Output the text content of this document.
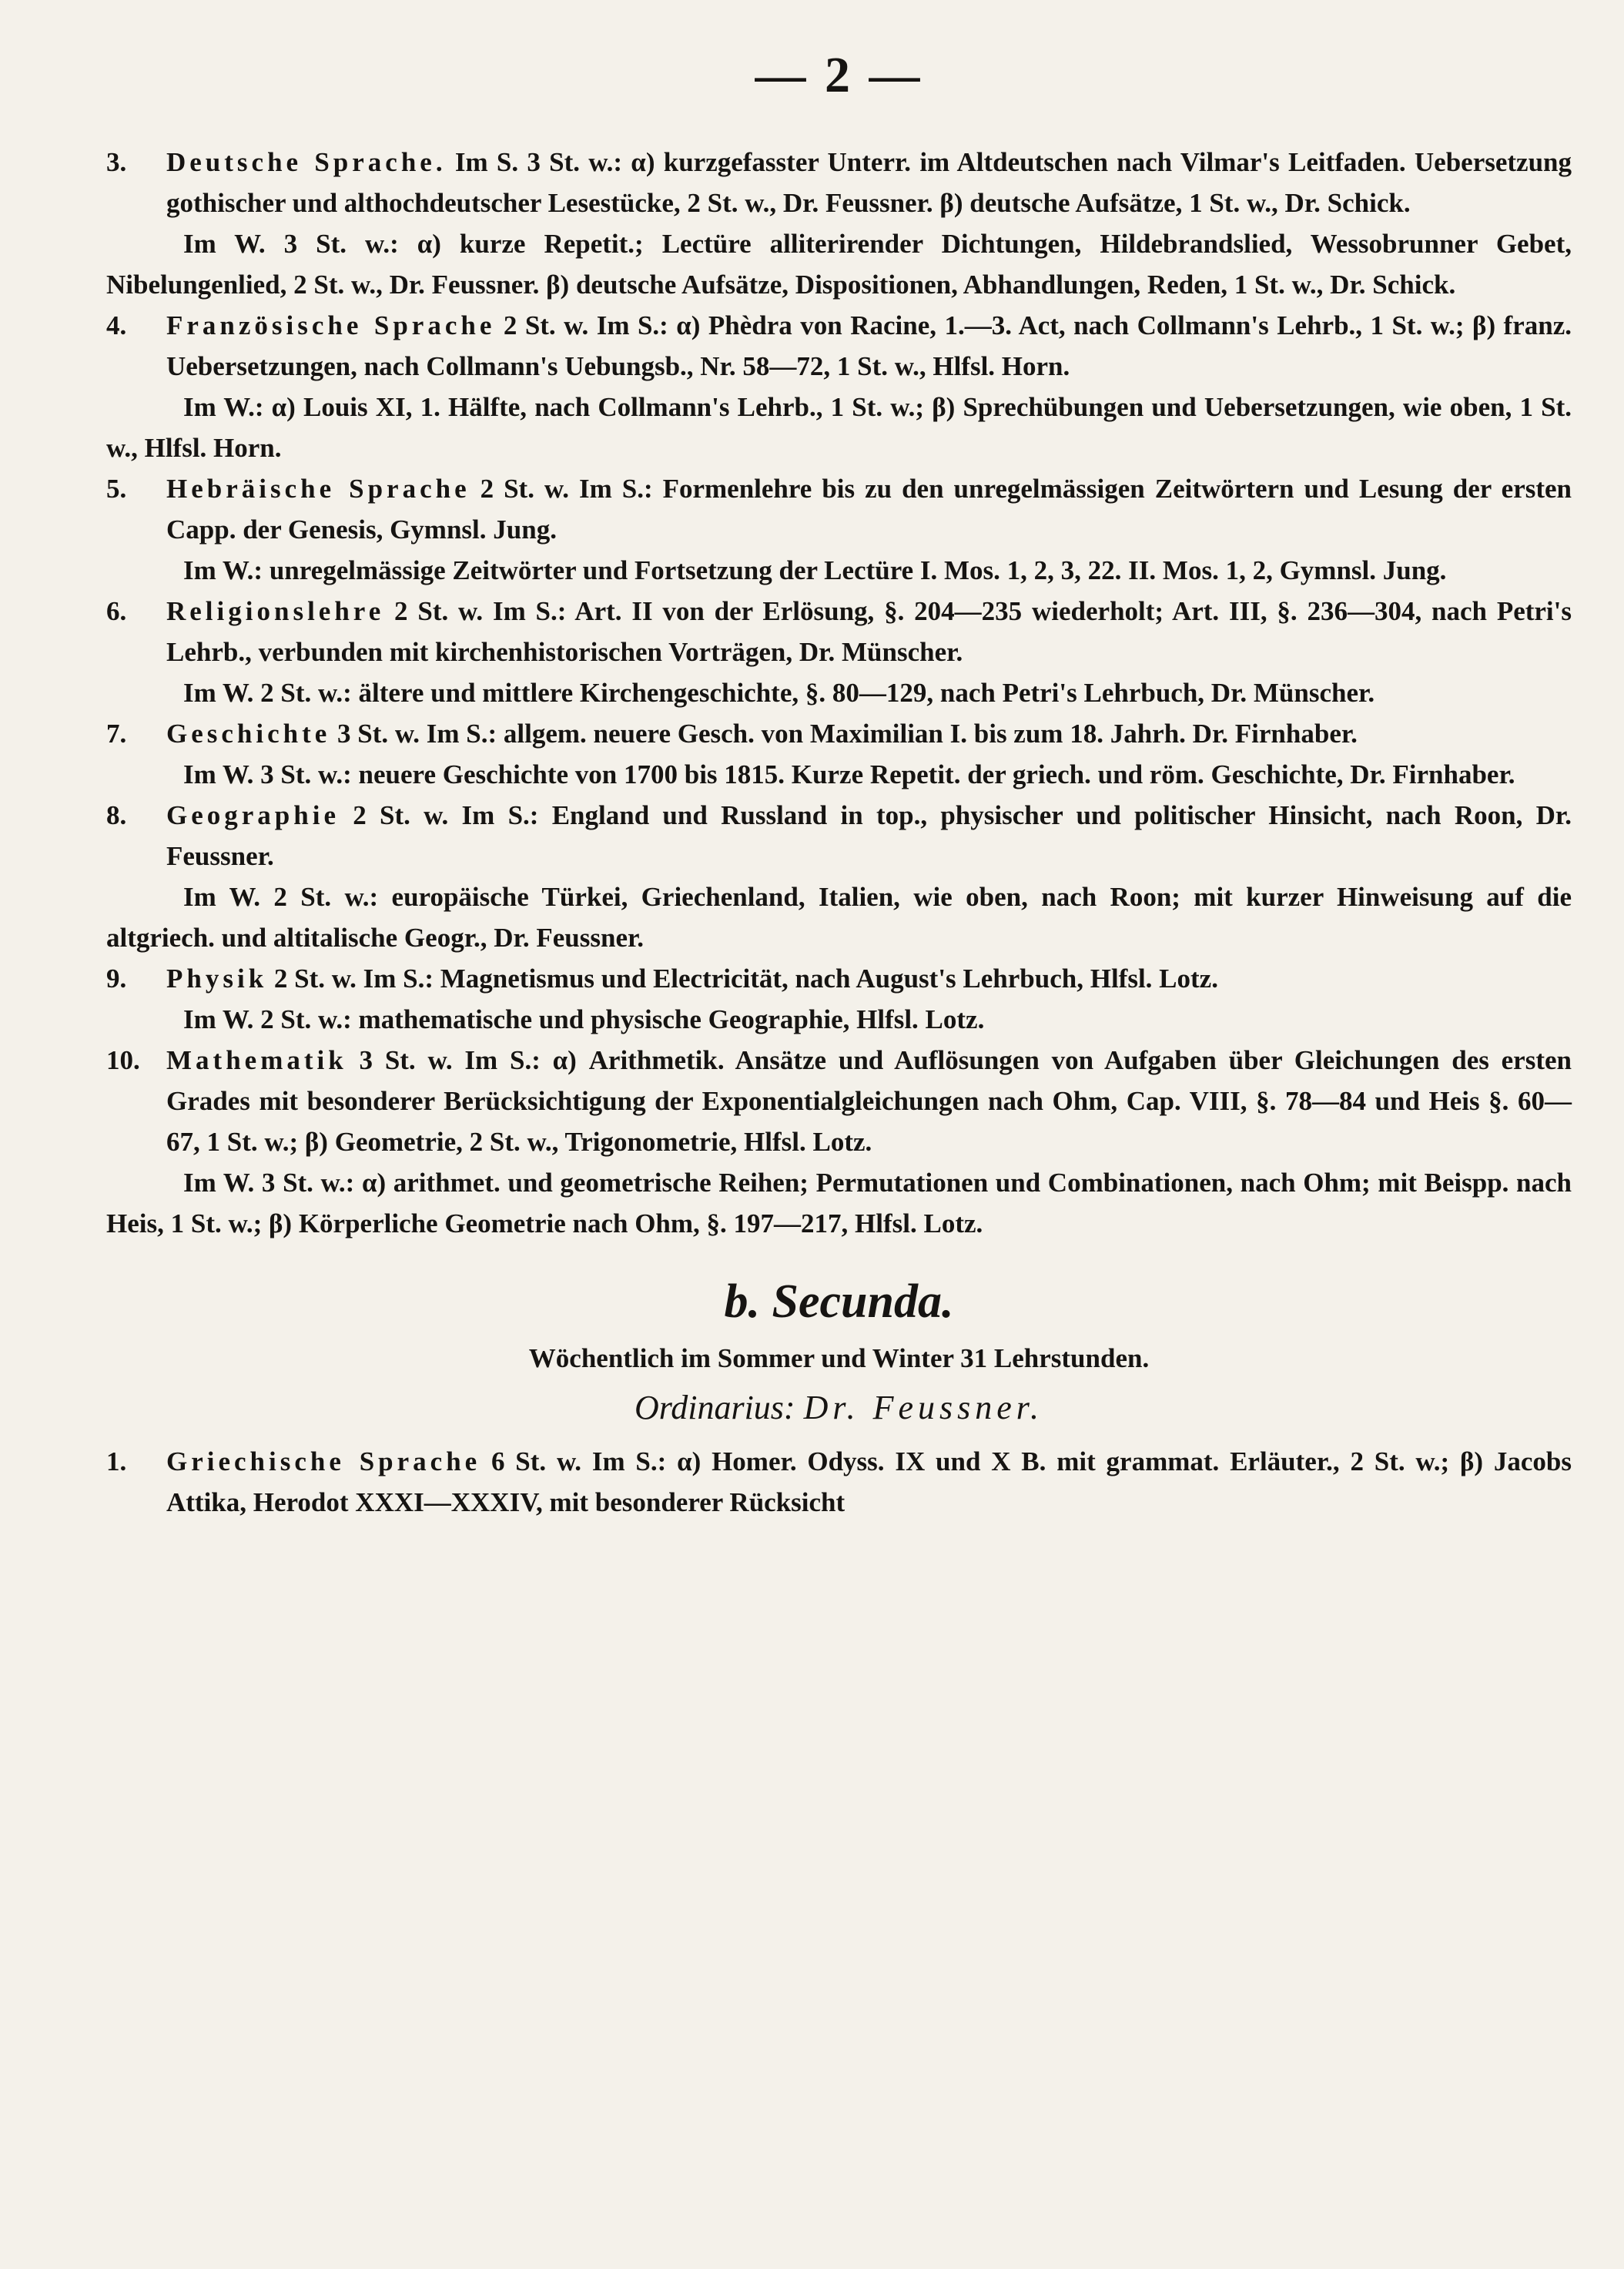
— 2 —

3. Deutsche Sprache. Im S. 3 St. w.: α) kurzgefasster Unterr. im Altdeutschen nach Vilmar's Leitfaden. Uebersetzung gothischer und althochdeutscher Lesestücke, 2 St. w., Dr. Feussner. β) deutsche Aufsätze, 1 St. w., Dr. Schick.

Im W. 3 St. w.: α) kurze Repetit.; Lectüre alliterirender Dichtungen, Hildebrandslied, Wessobrunner Gebet, Nibelungenlied, 2 St. w., Dr. Feussner. β) deutsche Aufsätze, Dispositionen, Abhandlungen, Reden, 1 St. w., Dr. Schick.

4. Französische Sprache 2 St. w. Im S.: α) Phèdra von Racine, 1.—3. Act, nach Collmann's Lehrb., 1 St. w.; β) franz. Uebersetzungen, nach Collmann's Uebungsb., Nr. 58—72, 1 St. w., Hlfsl. Horn.

Im W.: α) Louis XI, 1. Hälfte, nach Collmann's Lehrb., 1 St. w.; β) Sprechübungen und Uebersetzungen, wie oben, 1 St. w., Hlfsl. Horn.

5. Hebräische Sprache 2 St. w. Im S.: Formenlehre bis zu den unregelmässigen Zeitwörtern und Lesung der ersten Capp. der Genesis, Gymnsl. Jung.

Im W.: unregelmässige Zeitwörter und Fortsetzung der Lectüre I. Mos. 1, 2, 3, 22. II. Mos. 1, 2, Gymnsl. Jung.

6. Religionslehre 2 St. w. Im S.: Art. II von der Erlösung, §. 204—235 wiederholt; Art. III, §. 236—304, nach Petri's Lehrb., verbunden mit kirchenhistorischen Vorträgen, Dr. Münscher.

Im W. 2 St. w.: ältere und mittlere Kirchengeschichte, §. 80—129, nach Petri's Lehrbuch, Dr. Münscher.

7. Geschichte 3 St. w. Im S.: allgem. neuere Gesch. von Maximilian I. bis zum 18. Jahrh. Dr. Firnhaber.

Im W. 3 St. w.: neuere Geschichte von 1700 bis 1815. Kurze Repetit. der griech. und röm. Geschichte, Dr. Firnhaber.

8. Geographie 2 St. w. Im S.: England und Russland in top., physischer und politischer Hinsicht, nach Roon, Dr. Feussner.

Im W. 2 St. w.: europäische Türkei, Griechenland, Italien, wie oben, nach Roon; mit kurzer Hinweisung auf die altgriech. und altitalische Geogr., Dr. Feussner.

9. Physik 2 St. w. Im S.: Magnetismus und Electricität, nach August's Lehrbuch, Hlfsl. Lotz.

Im W. 2 St. w.: mathematische und physische Geographie, Hlfsl. Lotz.

10. Mathematik 3 St. w. Im S.: α) Arithmetik. Ansätze und Auflösungen von Aufgaben über Gleichungen des ersten Grades mit besonderer Berücksichtigung der Exponentialgleichungen nach Ohm, Cap. VIII, §. 78—84 und Heis §. 60—67, 1 St. w.; β) Geometrie, 2 St. w., Trigonometrie, Hlfsl. Lotz.

Im W. 3 St. w.: α) arithmet. und geometrische Reihen; Permutationen und Combinationen, nach Ohm; mit Beispp. nach Heis, 1 St. w.; β) Körperliche Geometrie nach Ohm, §. 197—217, Hlfsl. Lotz.

b. Secunda.
Wöchentlich im Sommer und Winter 31 Lehrstunden.
Ordinarius: Dr. Feussner.

1. Griechische Sprache 6 St. w. Im S.: α) Homer. Odyss. IX und X B. mit grammat. Erläuter., 2 St. w.; β) Jacobs Attika, Herodot XXXI—XXXIV, mit besonderer Rücksicht
